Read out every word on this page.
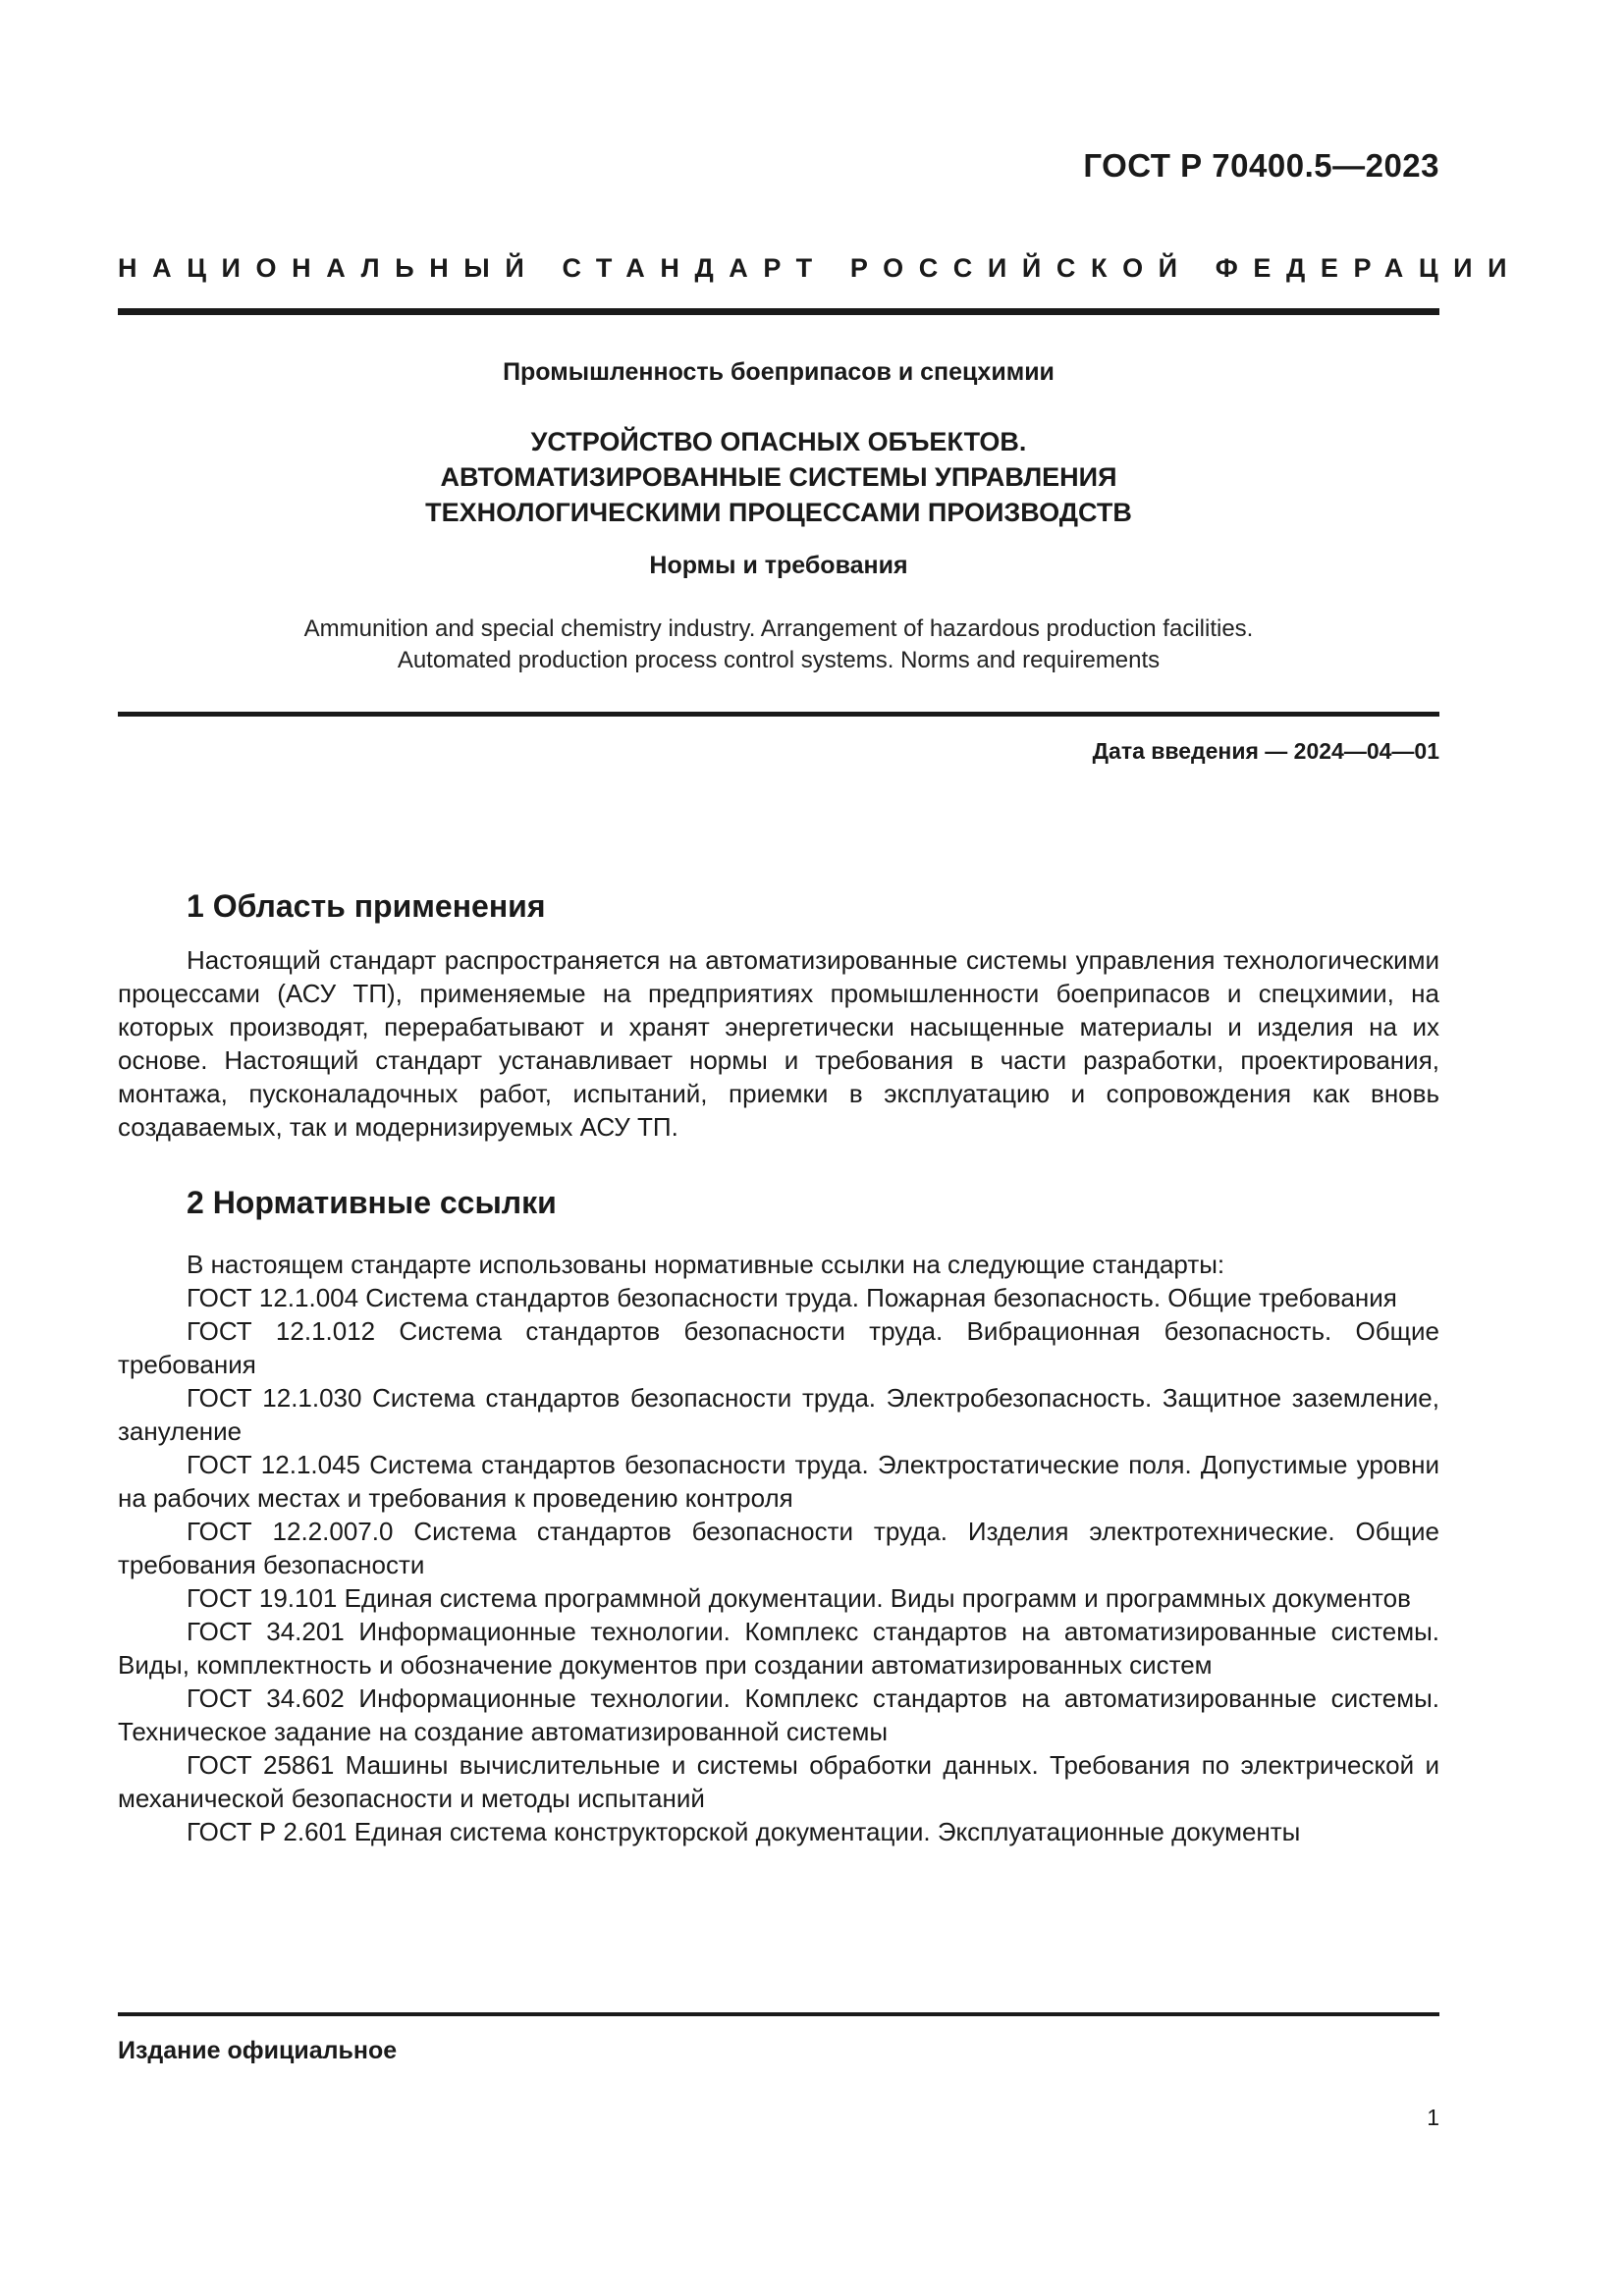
ГОСТ Р 70400.5—2023
НАЦИОНАЛЬНЫЙ СТАНДАРТ РОССИЙСКОЙ ФЕДЕРАЦИИ
Промышленность боеприпасов и спецхимии
УСТРОЙСТВО ОПАСНЫХ ОБЪЕКТОВ.
АВТОМАТИЗИРОВАННЫЕ СИСТЕМЫ УПРАВЛЕНИЯ
ТЕХНОЛОГИЧЕСКИМИ ПРОЦЕССАМИ ПРОИЗВОДСТВ
Нормы и требования
Ammunition and special chemistry industry. Arrangement of hazardous production facilities.
Automated production process control systems. Norms and requirements
Дата введения — 2024—04—01
1 Область применения
Настоящий стандарт распространяется на автоматизированные системы управления технологическими процессами (АСУ ТП), применяемые на предприятиях промышленности боеприпасов и спецхимии, на которых производят, перерабатывают и хранят энергетически насыщенные материалы и изделия на их основе. Настоящий стандарт устанавливает нормы и требования в части разработки, проектирования, монтажа, пусконаладочных работ, испытаний, приемки в эксплуатацию и сопровождения как вновь создаваемых, так и модернизируемых АСУ ТП.
2 Нормативные ссылки
В настоящем стандарте использованы нормативные ссылки на следующие стандарты:
ГОСТ 12.1.004 Система стандартов безопасности труда. Пожарная безопасность. Общие требования
ГОСТ 12.1.012 Система стандартов безопасности труда. Вибрационная безопасность. Общие требования
ГОСТ 12.1.030 Система стандартов безопасности труда. Электробезопасность. Защитное заземление, зануление
ГОСТ 12.1.045 Система стандартов безопасности труда. Электростатические поля. Допустимые уровни на рабочих местах и требования к проведению контроля
ГОСТ 12.2.007.0 Система стандартов безопасности труда. Изделия электротехнические. Общие требования безопасности
ГОСТ 19.101 Единая система программной документации. Виды программ и программных документов
ГОСТ 34.201 Информационные технологии. Комплекс стандартов на автоматизированные системы. Виды, комплектность и обозначение документов при создании автоматизированных систем
ГОСТ 34.602 Информационные технологии. Комплекс стандартов на автоматизированные системы. Техническое задание на создание автоматизированной системы
ГОСТ 25861 Машины вычислительные и системы обработки данных. Требования по электрической и механической безопасности и методы испытаний
ГОСТ Р 2.601 Единая система конструкторской документации. Эксплуатационные документы
Издание официальное
1
